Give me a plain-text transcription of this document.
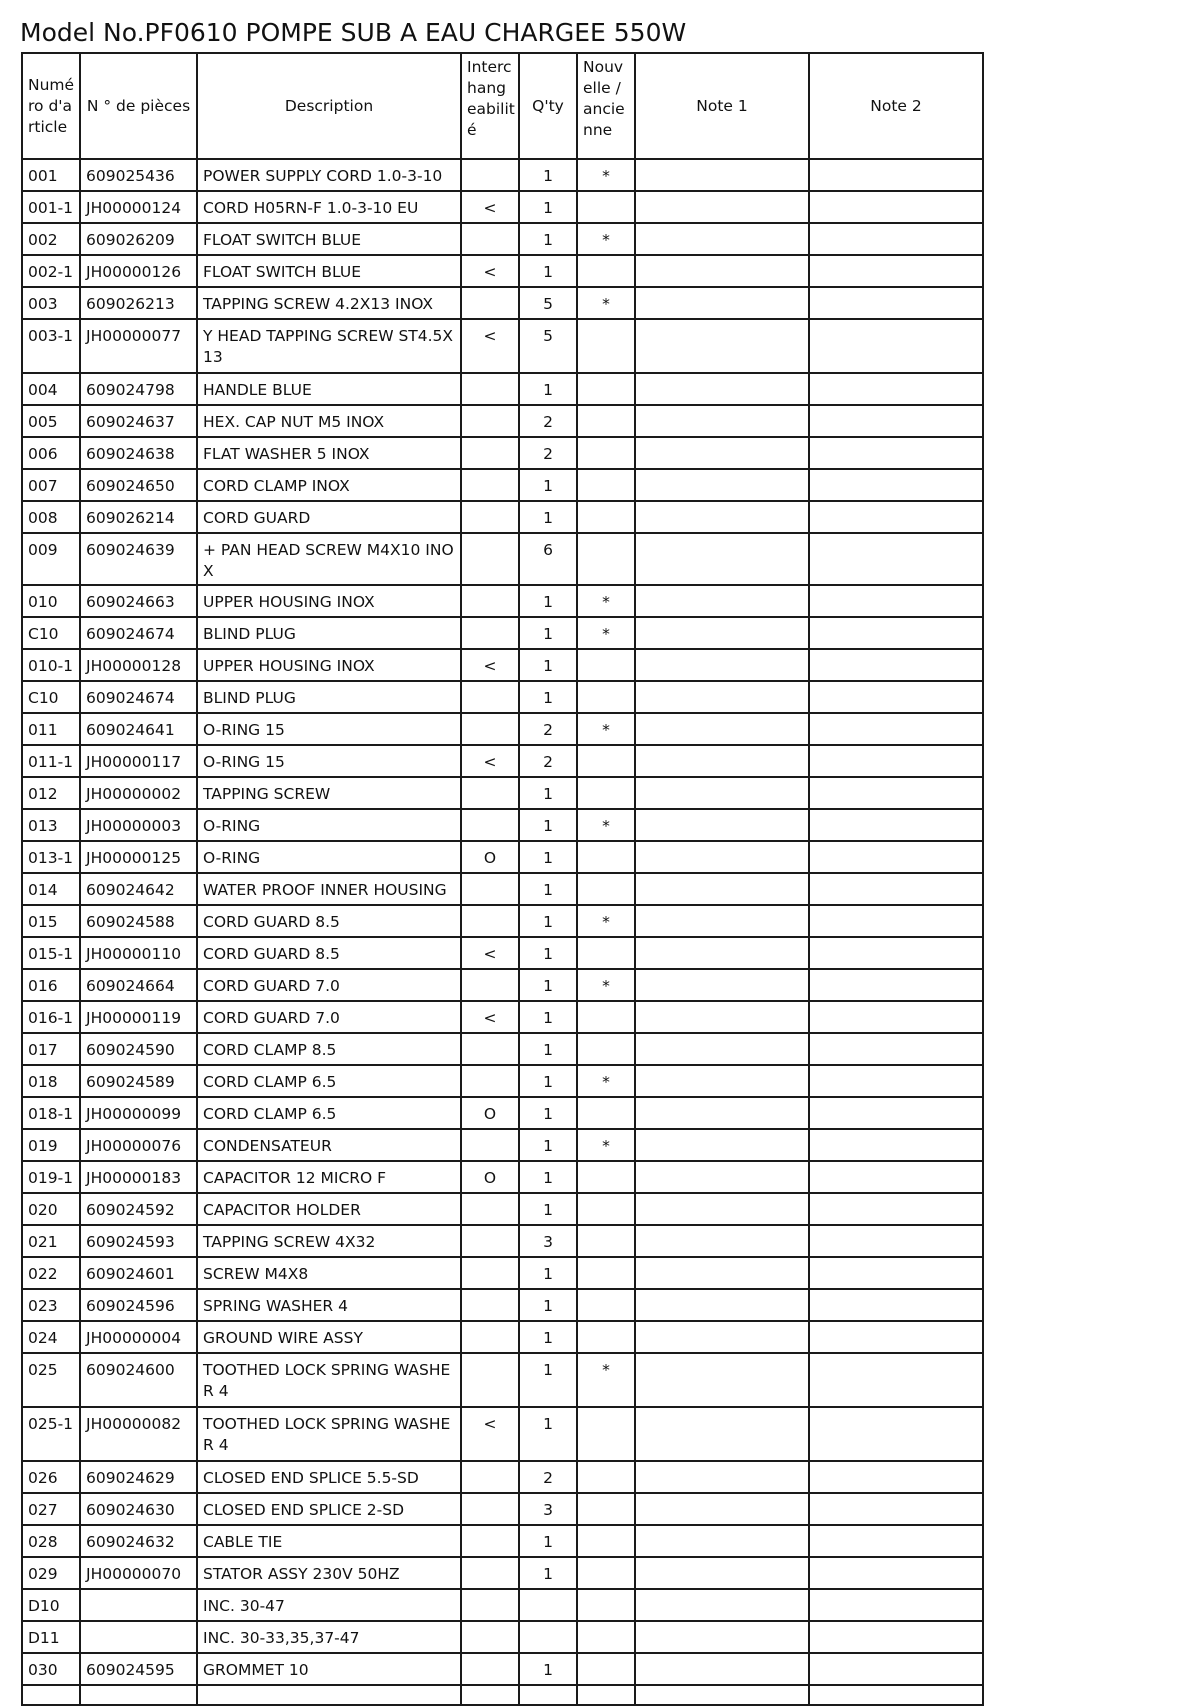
Model No.PF0610 POMPE SUB A EAU CHARGEE 550W
Numé ro d'a rticle	N ° de pièces	Description	Interc hang eabilit é	Q'ty	Nouv elle / ancie nne	Note 1	Note 2
001	609025436	POWER SUPPLY CORD 1.0-3-10		1	*		
001-1	JH00000124	CORD H05RN-F 1.0-3-10 EU	<	1			
002	609026209	FLOAT SWITCH BLUE		1	*		
002-1	JH00000126	FLOAT SWITCH BLUE	<	1			
003	609026213	TAPPING SCREW 4.2X13 INOX		5	*		
003-1	JH00000077	Y HEAD TAPPING SCREW ST4.5X13	<	5			
004	609024798	HANDLE BLUE		1			
005	609024637	HEX. CAP NUT M5 INOX		2			
006	609024638	FLAT WASHER 5 INOX		2			
007	609024650	CORD CLAMP INOX		1			
008	609026214	CORD GUARD		1			
009	609024639	+ PAN HEAD SCREW M4X10 INOX		6			
010	609024663	UPPER HOUSING INOX		1	*		
C10	609024674	BLIND PLUG		1	*		
010-1	JH00000128	UPPER HOUSING INOX	<	1			
C10	609024674	BLIND PLUG		1			
011	609024641	O-RING 15		2	*		
011-1	JH00000117	O-RING 15	<	2			
012	JH00000002	TAPPING SCREW		1			
013	JH00000003	O-RING		1	*		
013-1	JH00000125	O-RING	O	1			
014	609024642	WATER PROOF INNER HOUSING		1			
015	609024588	CORD GUARD 8.5		1	*		
015-1	JH00000110	CORD GUARD 8.5	<	1			
016	609024664	CORD GUARD 7.0		1	*		
016-1	JH00000119	CORD GUARD 7.0	<	1			
017	609024590	CORD CLAMP 8.5		1			
018	609024589	CORD CLAMP 6.5		1	*		
018-1	JH00000099	CORD CLAMP 6.5	O	1			
019	JH00000076	CONDENSATEUR		1	*		
019-1	JH00000183	CAPACITOR 12 MICRO F	O	1			
020	609024592	CAPACITOR HOLDER		1			
021	609024593	TAPPING SCREW 4X32		3			
022	609024601	SCREW M4X8		1			
023	609024596	SPRING WASHER 4		1			
024	JH00000004	GROUND WIRE ASSY		1			
025	609024600	TOOTHED LOCK SPRING WASHER 4		1	*		
025-1	JH00000082	TOOTHED LOCK SPRING WASHER 4	<	1			
026	609024629	CLOSED END SPLICE 5.5-SD		2			
027	609024630	CLOSED END SPLICE 2-SD		3			
028	609024632	CABLE TIE		1			
029	JH00000070	STATOR ASSY 230V 50HZ		1			
D10		INC. 30-47					
D11		INC. 30-33,35,37-47					
030	609024595	GROMMET 10		1			
